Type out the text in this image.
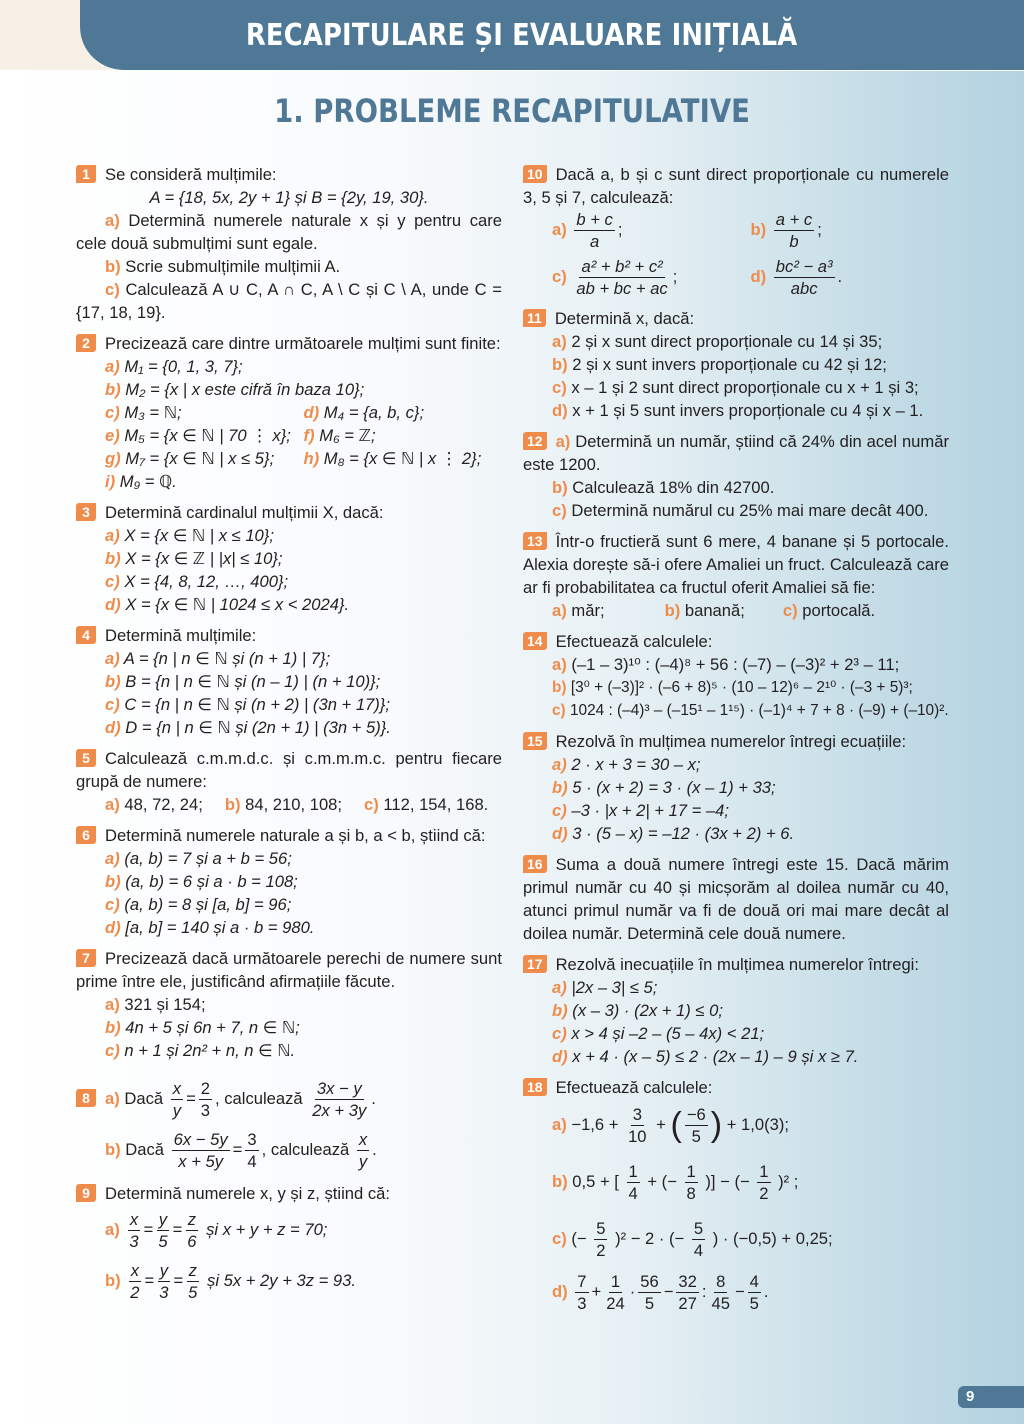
RECAPITULARE ȘI EVALUARE INIȚIALĂ
1. PROBLEME RECAPITULATIVE

1 Se consideră mulțimile:

A = {18, 5x, 2y + 1} și B = {2y, 19, 30}.

a) Determină numerele naturale x și y pentru care cele două submulțimi sunt egale.

b) Scrie submulțimile mulțimii A.

c) Calculează A ∪ C, A ∩ C, A \ C și C \ A, unde C = {17, 18, 19}.

2 Precizează care dintre următoarele mulțimi sunt finite:

a) M₁ = {0, 1, 3, 7};

b) M₂ = {x | x este cifră în baza 10};

c) M₃ = ℕ;	d) M₄ = {a, b, c};
e) M₅ = {x ∈ ℕ | 70 ⋮ x}; f) M₆ = ℤ;
g) M₇ = {x ∈ ℕ | x ≤ 5};	h) M₈ = {x ∈ ℕ | x ⋮ 2};

i) M₉ = ℚ.

3 Determină cardinalul mulțimii X, dacă:

a) X = {x ∈ ℕ | x ≤ 10};

b) X = {x ∈ ℤ | |x| ≤ 10};

c) X = {4, 8, 12, …, 400};

d) X = {x ∈ ℕ | 1024 ≤ x < 2024}.

4 Determină mulțimile:

a) A = {n | n ∈ ℕ și (n + 1) | 7};

b) B = {n | n ∈ ℕ și (n – 1) | (n + 10)};

c) C = {n | n ∈ ℕ și (n + 2) | (3n + 17)};

d) D = {n | n ∈ ℕ și (2n + 1) | (3n + 5)}.

5 Calculează c.m.m.d.c. și c.m.m.m.c. pentru fiecare grupă de numere:

a) 48, 72, 24; b) 84, 210, 108; c) 112, 154, 168.

6 Determină numerele naturale a și b, a < b, știind că:

a) (a, b) = 7 și a + b = 56;

b) (a, b) = 6 și a · b = 108;

c) (a, b) = 8 și [a, b] = 96;

d) [a, b] = 140 și a · b = 980.

7 Precizează dacă următoarele perechi de numere sunt prime între ele, justificând afirmațiile făcute.

a) 321 și 154;

b) 4n + 5 și 6n + 7, n ∈ ℕ;

c) n + 1 și 2n² + n, n ∈ ℕ.

8 a) Dacă $\frac{x}{y} = \frac{2}{3}$ , calculează $\frac{3x - y}{2x + 3y}$ .

b) Dacă $\frac{6x - 5y}{x + 5y} = \frac{3}{4}$ , calculează $\frac{x}{y}$ .

9 Determină numerele x, y și z, știind că:

$a) \frac{x}{3} = \frac{y}{5} = \frac{z}{6}$ și x + y + z = 70;

$b) \frac{x}{2} = \frac{y}{3} = \frac{z}{5}$ și 5x + 2y + 3z = 93.

10 Dacă a, b și c sunt direct proporționale cu numerele 3, 5 și 7, calculează:

$a) \frac{b + c}{a}$ ;	$b) \frac{a + c}{b}$ ;
$c) \frac{\text{a² + b² + c²}}{ab + bc + ac}$ ;	$d) \frac{\text{bc² − a³}}{\text{abc}}$ .

11 Determină x, dacă:

a) 2 și x sunt direct proporționale cu 14 și 35;

b) 2 și x sunt invers proporționale cu 42 și 12;

c) x – 1 și 2 sunt direct proporționale cu x + 1 și 3;

d) x + 1 și 5 sunt invers proporționale cu 4 și x – 1.

12 a) Determină un număr, știind că 24% din acel număr este 1200.

b) Calculează 18% din 42700.

c) Determină numărul cu 25% mai mare decât 400.

13 Într-o fructieră sunt 6 mere, 4 banane și 5 portocale. Alexia dorește să-i ofere Amaliei un fruct. Calculează care ar fi probabilitatea ca fructul oferit Amaliei să fie:

a) măr;	b) banană; c) portocală.

14 Efectuează calculele:

a) (–1 – 3)¹⁰ : (–4)⁸ + 56 : (–7) – (–3)² + 2³ – 11;

b) [3⁰ + (–3)]² · (–6 + 8)⁵ · (10 – 12)⁶ – 2¹⁰ · (–3 + 5)³;

c) 1024 : (–4)³ – (–15¹ – 1¹⁵) · (–1)⁴ + 7 + 8 · (–9) + (–10)².

15 Rezolvă în mulțimea numerelor întregi ecuațiile:

a) 2 · x + 3 = 30 – x;

b) 5 · (x + 2) = 3 · (x – 1) + 33;

c) –3 · |x + 2| + 17 = –4;

d) 3 · (5 – x) = –12 · (3x + 2) + 6.

16 Suma a două numere întregi este 15. Dacă mărim primul număr cu 40 și micșorăm al doilea număr cu 40, atunci primul număr va fi de două ori mai mare decât al doilea număr. Determină cele două numere.

17 Rezolvă inecuațiile în mulțimea numerelor întregi:

a) |2x – 3| ≤ 5;

b) (x – 3) · (2x + 1) ≤ 0;

c) x > 4 și –2 – (5 – 4x) < 21;

d) x + 4 · (x – 5) ≤ 2 · (2x – 1) – 9 și x ≥ 7.

18 Efectuează calculele:

$a) -1,6 + \frac{3}{10}$ + ( $\frac{-6}{5}$ ) + 1,0(3);
b) 0,5 + [ $\frac{1}{4}$ + (− $\frac{1}{8}$ )] − (− $\frac{1}{2} )^2$ ;
c) (− $\frac{5}{2} )^2 - 2$ · (− $\frac{5}{4}$ ) · (−0,5) + 0,25;
$d) \frac{7}{3} + \frac{1}{24} \cdot \frac{56}{5} - \frac{32}{27}$ : $\frac{8}{45} - \frac{4}{5}$ .
9
